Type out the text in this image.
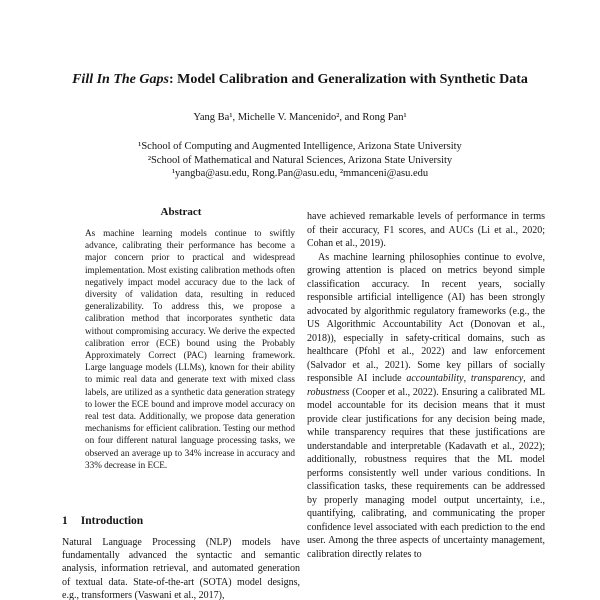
Fill In The Gaps: Model Calibration and Generalization with Synthetic Data
Yang Ba¹, Michelle V. Mancenido², and Rong Pan¹
¹School of Computing and Augmented Intelligence, Arizona State University
²School of Mathematical and Natural Sciences, Arizona State University
¹yangba@asu.edu, Rong.Pan@asu.edu, ²mmanceni@asu.edu
Abstract

As machine learning models continue to swiftly advance, calibrating their performance has become a major concern prior to practical and widespread implementation. Most existing calibration methods often negatively impact model accuracy due to the lack of diversity of validation data, resulting in reduced generalizability. To address this, we propose a calibration method that incorporates synthetic data without compromising accuracy. We derive the expected calibration error (ECE) bound using the Probably Approximately Correct (PAC) learning framework. Large language models (LLMs), known for their ability to mimic real data and generate text with mixed class labels, are utilized as a synthetic data generation strategy to lower the ECE bound and improve model accuracy on real test data. Additionally, we propose data generation mechanisms for efficient calibration. Testing our method on four different natural language processing tasks, we observed an average up to 34% increase in accuracy and 33% decrease in ECE.

1 Introduction

Natural Language Processing (NLP) models have fundamentally advanced the syntactic and semantic analysis, information retrieval, and automated generation of textual data. State-of-the-art (SOTA) model designs, e.g., transformers (Vaswani et al., 2017),

have achieved remarkable levels of performance in terms of their accuracy, F1 scores, and AUCs (Li et al., 2020; Cohan et al., 2019).

As machine learning philosophies continue to evolve, growing attention is placed on metrics beyond simple classification accuracy. In recent years, socially responsible artificial intelligence (AI) has been strongly advocated by algorithmic regulatory frameworks (e.g., the US Algorithmic Accountability Act (Donovan et al., 2018)), especially in safety-critical domains, such as healthcare (Pfohl et al., 2022) and law enforcement (Salvador et al., 2021). Some key pillars of socially responsible AI include accountability, transparency, and robustness (Cooper et al., 2022). Ensuring a calibrated ML model accountable for its decision means that it must provide clear justifications for any decision being made, while transparency requires that these justifications are understandable and interpretable (Kadavath et al., 2022); additionally, robustness requires that the ML model performs consistently well under various conditions. In classification tasks, these requirements can be addressed by properly managing model output uncertainty, i.e., quantifying, calibrating, and communicating the proper confidence level associated with each prediction to the end user. Among the three aspects of uncertainty management, calibration directly relates to
